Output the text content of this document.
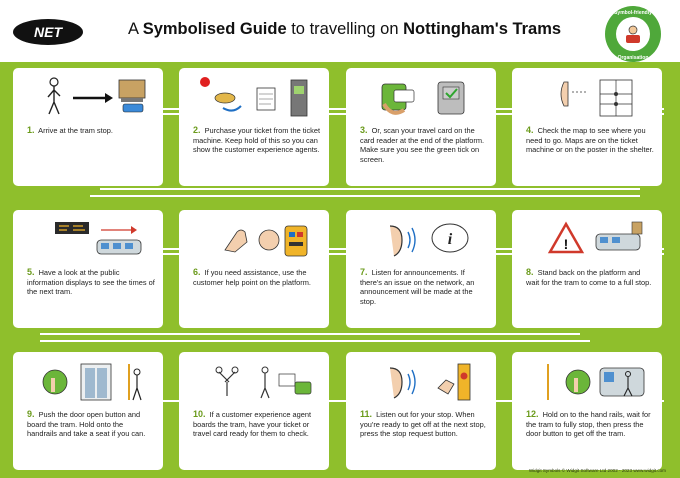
NET	A Symbolised Guide to travelling on Nottingham's Trams
Symbol-friendly
Organisation
1. Arrive at the tram stop.	2. Purchase your ticket from the ticket machine. Keep hold of this so you can show the customer experience agents.
3. Or, scan your travel card on the card reader at the end of the platform. Make sure you see the green tick on screen.
4. Check the map to see where you need to go. Maps are on the ticket machine or on the poster in the shelter.
5. Have a look at the public information displays to see the times of the next tram.
6. If you need assistance, use the customer help point on the platform.
i
7. Listen for announcements. If there's an issue on the network, an announcement will be made at the stop.
!
8. Stand back on the platform and wait for the tram to come to a full stop.
9. Push the door open button and board the tram. Hold onto the handrails and take a seat if you can.
10. If a customer experience agent boards the tram, have your ticket or travel card ready for them to check.
11. Listen out for your stop. When you're ready to get off at the next stop, press the stop request button.
12. Hold on to the hand rails, wait for the tram to fully stop, then press the door button to get off the tram.
Widgit Symbols © Widgit Software Ltd 2002 - 2023 www.widgit.com
